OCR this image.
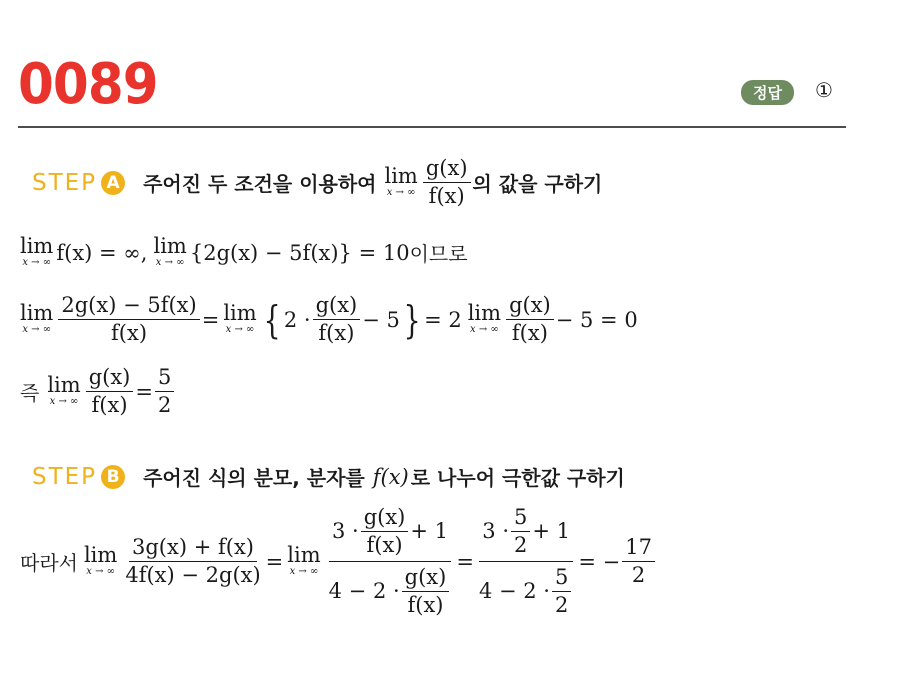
0089	정답	①
STEP A 주어진 두 조건을 이용하여 lim
x → ∞
g(x)
f(x) 의 값을 구하기
lim
x → ∞ f(x) = ∞, lim
x → ∞ {2g(x) − 5f(x)} = 10 이므로
lim
x → ∞ $\frac{2g(x) - 5f(x)}{f(x)} = \lim$
x → ∞ { 2 ·
g(x)
f(x)
− 5 } = 2 lim
x → ∞
g(x)
f(x)
− 5 = 0
즉 lim
x → ∞ $\frac{g(x)}{f(x)} = \frac{5}{2}$
STEP B 주어진 식의 분모, 분자를 f(x) 로 나누어 극한값 구하기
따라서 lim
x → ∞ $\frac{3g(x) + f(x)}{4f(x) - 2g(x)} = \lim$
x → ∞ 3 ·
g(x)
f(x)
+ 1
4 − 2 ·
g(x)
f(x) = 3 ·
5
2
+ 1
4 − 2 ·
5
2 = − $\frac{17}{2}$
